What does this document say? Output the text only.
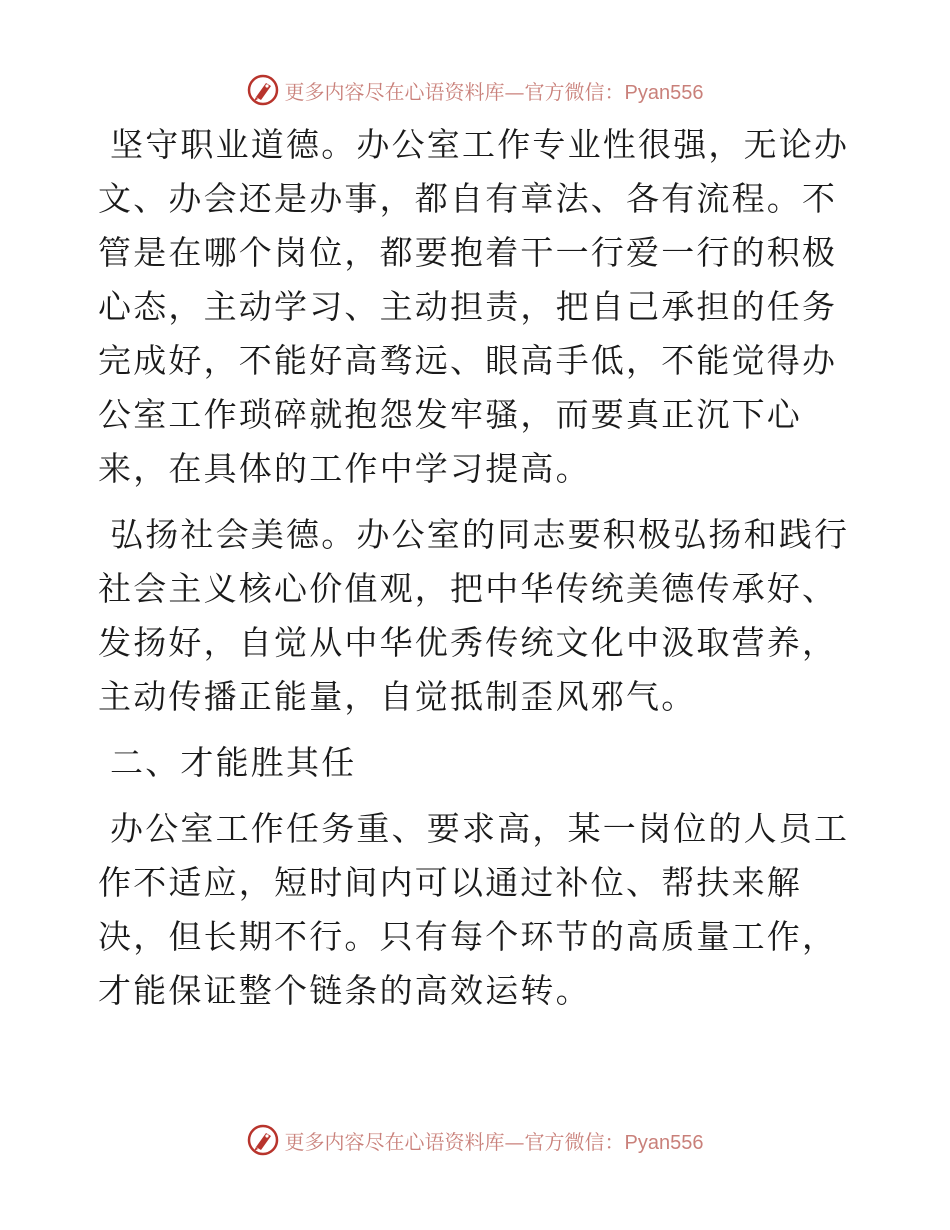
更多内容尽在心语资料库—官方微信：Pyan556

坚守职业道德。办公室工作专业性很强，无论办文、办会还是办事，都自有章法、各有流程。不管是在哪个岗位，都要抱着干一行爱一行的积极心态，主动学习、主动担责，把自己承担的任务完成好，不能好高骛远、眼高手低，不能觉得办公室工作琐碎就抱怨发牢骚，而要真正沉下心来，在具体的工作中学习提高。

弘扬社会美德。办公室的同志要积极弘扬和践行社会主义核心价值观，把中华传统美德传承好、发扬好，自觉从中华优秀传统文化中汲取营养，主动传播正能量，自觉抵制歪风邪气。

二、才能胜其任

办公室工作任务重、要求高，某一岗位的人员工作不适应，短时间内可以通过补位、帮扶来解决，但长期不行。只有每个环节的高质量工作，才能保证整个链条的高效运转。

更多内容尽在心语资料库—官方微信：Pyan556
